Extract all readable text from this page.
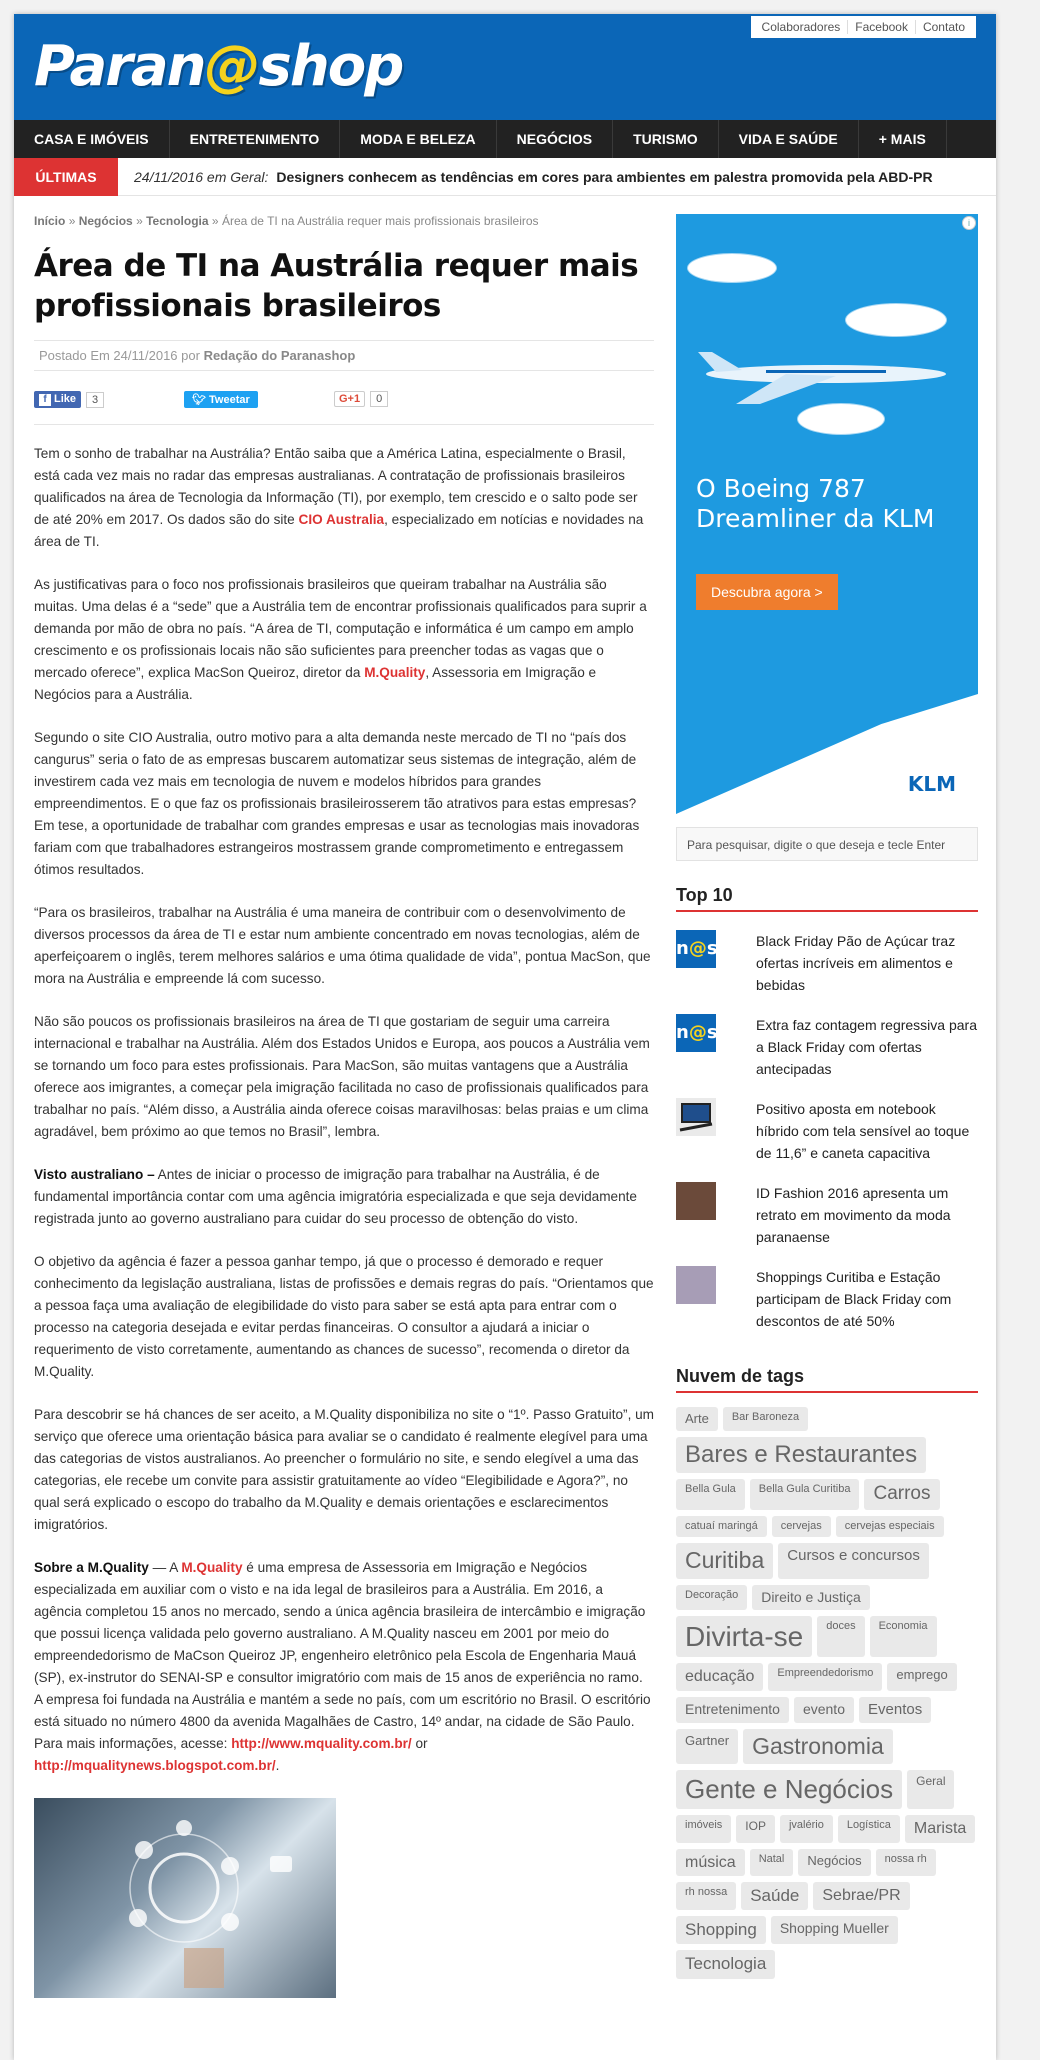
Colaboradores	Facebook	Contato
Paran@shop
CASA E IMÓVEIS	ENTRETENIMENTO	MODA E BELEZA	NEGÓCIOS	TURISMO	VIDA E SAÚDE	+ MAIS
ÚLTIMAS	24/11/2016 em Geral: Designers conhecem as tendências em cores para ambientes em palestra promovida pela ABD-PR
Início » Negócios » Tecnologia » Área de TI na Austrália requer mais profissionais brasileiros
Área de TI na Austrália requer mais profissionais brasileiros
Postado Em 24/11/2016 por Redação do Paranashop
f Like	3	🐦︎ Tweetar	G+1	0

Tem o sonho de trabalhar na Austrália? Então saiba que a América Latina, especialmente o Brasil, está cada vez mais no radar das empresas australianas. A contratação de profissionais brasileiros qualificados na área de Tecnologia da Informação (TI), por exemplo, tem crescido e o salto pode ser de até 20% em 2017. Os dados são do site CIO Australia, especializado em notícias e novidades na área de TI.

As justificativas para o foco nos profissionais brasileiros que queiram trabalhar na Austrália são muitas. Uma delas é a “sede” que a Austrália tem de encontrar profissionais qualificados para suprir a demanda por mão de obra no país. “A área de TI, computação e informática é um campo em amplo crescimento e os profissionais locais não são suficientes para preencher todas as vagas que o mercado oferece”, explica MacSon Queiroz, diretor da M.Quality, Assessoria em Imigração e Negócios para a Austrália.

Segundo o site CIO Australia, outro motivo para a alta demanda neste mercado de TI no “país dos cangurus” seria o fato de as empresas buscarem automatizar seus sistemas de integração, além de investirem cada vez mais em tecnologia de nuvem e modelos híbridos para grandes empreendimentos. E o que faz os profissionais brasileirosserem tão atrativos para estas empresas? Em tese, a oportunidade de trabalhar com grandes empresas e usar as tecnologias mais inovadoras fariam com que trabalhadores estrangeiros mostrassem grande comprometimento e entregassem ótimos resultados.

“Para os brasileiros, trabalhar na Austrália é uma maneira de contribuir com o desenvolvimento de diversos processos da área de TI e estar num ambiente concentrado em novas tecnologias, além de aperfeiçoarem o inglês, terem melhores salários e uma ótima qualidade de vida”, pontua MacSon, que mora na Austrália e empreende lá com sucesso.

Não são poucos os profissionais brasileiros na área de TI que gostariam de seguir uma carreira internacional e trabalhar na Austrália. Além dos Estados Unidos e Europa, aos poucos a Austrália vem se tornando um foco para estes profissionais. Para MacSon, são muitas vantagens que a Austrália oferece aos imigrantes, a começar pela imigração facilitada no caso de profissionais qualificados para trabalhar no país. “Além disso, a Austrália ainda oferece coisas maravilhosas: belas praias e um clima agradável, bem próximo ao que temos no Brasil”, lembra.

Visto australiano – Antes de iniciar o processo de imigração para trabalhar na Austrália, é de fundamental importância contar com uma agência imigratória especializada e que seja devidamente registrada junto ao governo australiano para cuidar do seu processo de obtenção do visto.

O objetivo da agência é fazer a pessoa ganhar tempo, já que o processo é demorado e requer conhecimento da legislação australiana, listas de profissões e demais regras do país. “Orientamos que a pessoa faça uma avaliação de elegibilidade do visto para saber se está apta para entrar com o processo na categoria desejada e evitar perdas financeiras. O consultor a ajudará a iniciar o requerimento de visto corretamente, aumentando as chances de sucesso”, recomenda o diretor da M.Quality.

Para descobrir se há chances de ser aceito, a M.Quality disponibiliza no site o “1º. Passo Gratuito”, um serviço que oferece uma orientação básica para avaliar se o candidato é realmente elegível para uma das categorias de vistos australianos. Ao preencher o formulário no site, e sendo elegível a uma das categorias, ele recebe um convite para assistir gratuitamente ao vídeo “Elegibilidade e Agora?”, no qual será explicado o escopo do trabalho da M.Quality e demais orientações e esclarecimentos imigratórios.

Sobre a M.Quality — A M.Quality é uma empresa de Assessoria em Imigração e Negócios especializada em auxiliar com o visto e na ida legal de brasileiros para a Austrália. Em 2016, a agência completou 15 anos no mercado, sendo a única agência brasileira de intercâmbio e imigração que possui licença validada pelo governo australiano. A M.Quality nasceu em 2001 por meio do empreendedorismo de MaCson Queiroz JP, engenheiro eletrônico pela Escola de Engenharia Mauá (SP), ex-instrutor do SENAI-SP e consultor imigratório com mais de 15 anos de experiência no ramo. A empresa foi fundada na Austrália e mantém a sede no país, com um escritório no Brasil. O escritório está situado no número 4800 da avenida Magalhães de Castro, 14º andar, na cidade de São Paulo. Para mais informações, acesse: http://www.mquality.com.br/ or http://mqualitynews.blogspot.com.br/.

i
O Boeing 787
Dreamliner da KLM
Descubra agora >
KLM
Para pesquisar, digite o que deseja e tecle Enter
Top 10
n@s	Black Friday Pão de Açúcar traz ofertas incríveis em alimentos e bebidas
n@s	Extra faz contagem regressiva para a Black Friday com ofertas antecipadas
Positivo aposta em notebook híbrido com tela sensível ao toque de 11,6” e caneta capacitiva
ID Fashion 2016 apresenta um retrato em movimento da moda paranaense
Shoppings Curitiba e Estação participam de Black Friday com descontos de até 50%
Nuvem de tags
Arte	Bar Baroneza
Bares e Restaurantes
Bella Gula	Bella Gula Curitiba	Carros
catuaí maringá	cervejas	cervejas especiais
Curitiba	Cursos e concursos
Decoração	Direito e Justiça
Divirta-se	doces	Economia
educação	Empreendedorismo	emprego
Entretenimento	evento	Eventos
Gartner	Gastronomia
Gente e Negócios	Geral
imóveis	IOP	jvalério	Logística	Marista
música	Natal	Negócios	nossa rh
rh nossa	Saúde	Sebrae/PR
Shopping	Shopping Mueller
Tecnologia
